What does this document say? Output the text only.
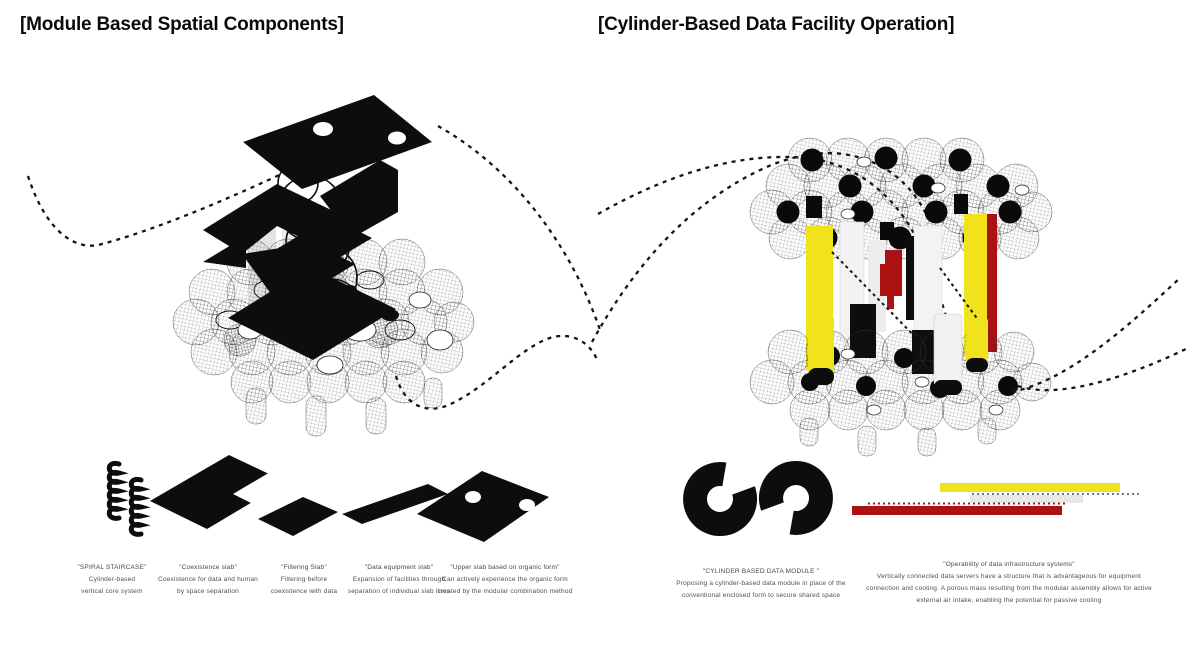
[Module Based Spatial Components]	[Cylinder-Based Data Facility Operation]
"SPIRAL STAIRCASE"
Cylinder-based
vertical core system
"Coexistence slab"
Coexistence for data and human
by space separation
"Filtering Slab"
Filtering before
coexistence with data
"Data equipment slab"
Expansion of facilities through
separation of individual slab lines
"Upper slab based on organic form"
Can actively experience the organic form
created by the modular combination method
"CYLINDER BASED DATA MODULE "
Proposing a cylinder-based data module in place of the
conventional enclosed form to secure shared space
"Operability of data infrastructure systems"
Vertically connected data servers have a structure that is advantageous for equipment
connection and cooling. A porous mass resulting from the modular assembly allows for active
external air intake, enabling the potential for passive cooling
